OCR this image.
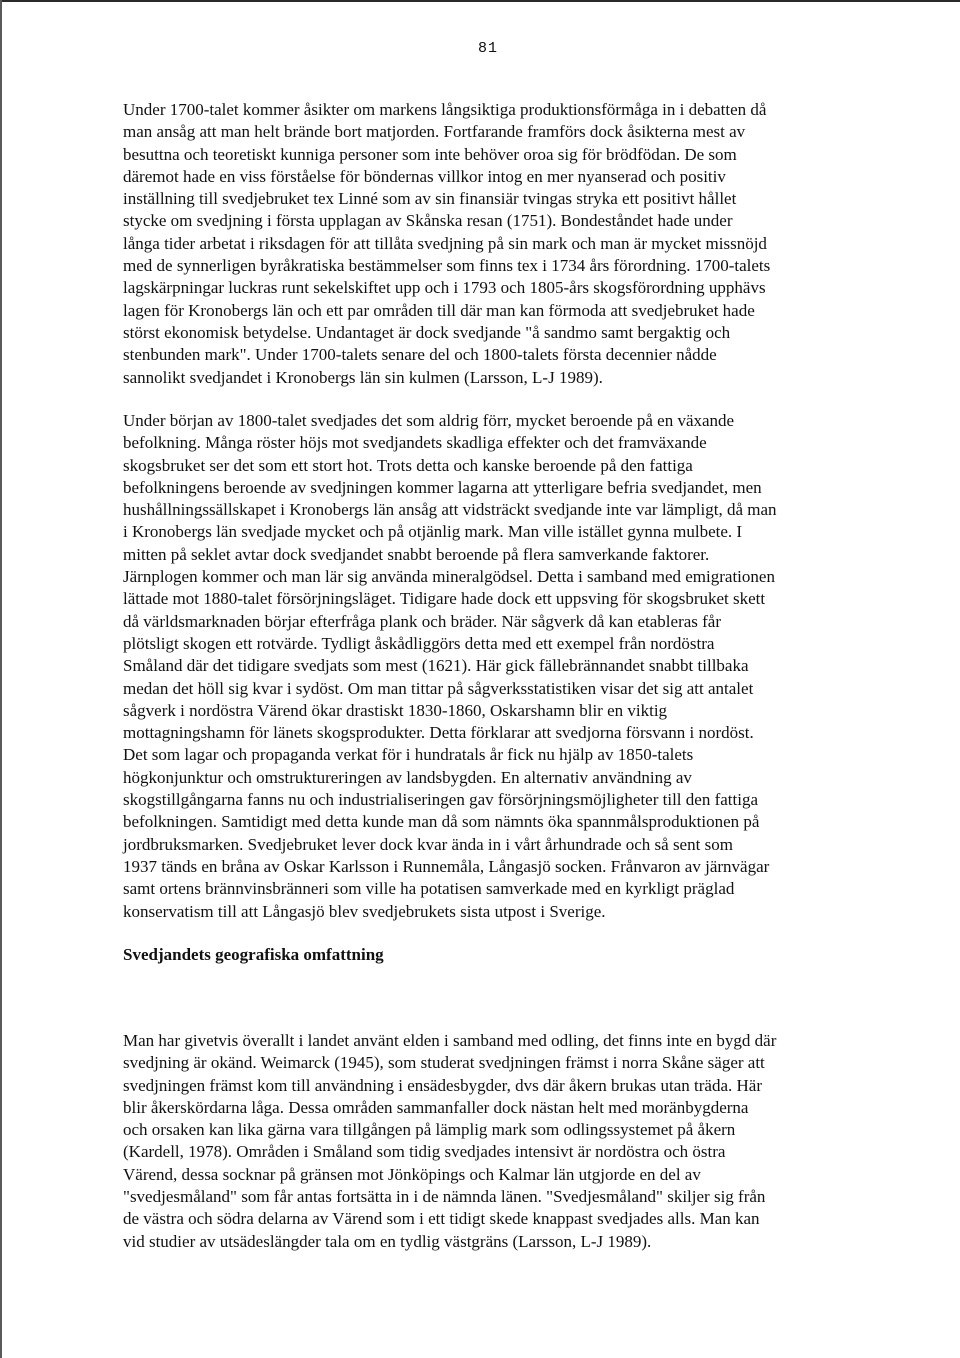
81
Under 1700-talet kommer åsikter om markens långsiktiga produktionsförmåga in i debatten då
man ansåg att man helt brände bort matjorden. Fortfarande framförs dock åsikterna mest av
besuttna och teoretiskt kunniga personer som inte behöver oroa sig för brödfödan. De som
däremot hade en viss förståelse för böndernas villkor intog en mer nyanserad och positiv
inställning till svedjebruket tex Linné som av sin finansiär tvingas stryka ett positivt hållet
stycke om svedjning i första upplagan av Skånska resan (1751). Bondeståndet hade under
långa tider arbetat i riksdagen för att tillåta svedjning på sin mark och man är mycket missnöjd
med de synnerligen byråkratiska bestämmelser som finns tex i 1734 års förordning. 1700-talets
lagskärpningar luckras runt sekelskiftet upp och i 1793 och 1805-års skogsförordning upphävs
lagen för Kronobergs län och ett par områden till där man kan förmoda att svedjebruket hade
störst ekonomisk betydelse. Undantaget är dock svedjande "å sandmo samt bergaktig och
stenbunden mark". Under 1700-talets senare del och 1800-talets första decennier nådde
sannolikt svedjandet i Kronobergs län sin kulmen (Larsson, L-J 1989).
Under början av 1800-talet svedjades det som aldrig förr, mycket beroende på en växande
befolkning. Många röster höjs mot svedjandets skadliga effekter och det framväxande
skogsbruket ser det som ett stort hot. Trots detta och kanske beroende på den fattiga
befolkningens beroende av svedjningen kommer lagarna att ytterligare befria svedjandet, men
hushållningssällskapet i Kronobergs län ansåg att vidsträckt svedjande inte var lämpligt, då man
i Kronobergs län svedjade mycket och på otjänlig mark. Man ville istället gynna mulbete. I
mitten på seklet avtar dock svedjandet snabbt beroende på flera samverkande faktorer.
Järnplogen kommer och man lär sig använda mineralgödsel. Detta i samband med emigrationen
lättade mot 1880-talet försörjningsläget. Tidigare hade dock ett uppsving för skogsbruket skett
då världsmarknaden börjar efterfråga plank och bräder. När sågverk då kan etableras får
plötsligt skogen ett rotvärde. Tydligt åskådliggörs detta med ett exempel från nordöstra
Småland där det tidigare svedjats som mest (1621). Här gick fällebrännandet snabbt tillbaka
medan det höll sig kvar i sydöst. Om man tittar på sågverksstatistiken visar det sig att antalet
sågverk i nordöstra Värend ökar drastiskt 1830-1860, Oskarshamn blir en viktig
mottagningshamn för länets skogsprodukter. Detta förklarar att svedjorna försvann i nordöst.
Det som lagar och propaganda verkat för i hundratals år fick nu hjälp av 1850-talets
högkonjunktur och omstruktureringen av landsbygden. En alternativ användning av
skogstillgångarna fanns nu och industrialiseringen gav försörjningsmöjligheter till den fattiga
befolkningen. Samtidigt med detta kunde man då som nämnts öka spannmålsproduktionen på
jordbruksmarken. Svedjebruket lever dock kvar ända in i vårt århundrade och så sent som
1937 tänds en bråna av Oskar Karlsson i Runnemåla, Långasjö socken. Frånvaron av järnvägar
samt ortens brännvinsbränneri som ville ha potatisen samverkade med en kyrkligt präglad
konservatism till att Långasjö blev svedjebrukets sista utpost i Sverige.
Svedjandets geografiska omfattning
Man har givetvis överallt i landet använt elden i samband med odling, det finns inte en bygd där
svedjning är okänd. Weimarck (1945), som studerat svedjningen främst i norra Skåne säger att
svedjningen främst kom till användning i ensädesbygder, dvs där åkern brukas utan träda. Här
blir åkerskördarna låga. Dessa områden sammanfaller dock nästan helt med moränbygderna
och orsaken kan lika gärna vara tillgången på lämplig mark som odlingssystemet på åkern
(Kardell, 1978). Områden i Småland som tidig svedjades intensivt är nordöstra och östra
Värend, dessa socknar på gränsen mot Jönköpings och Kalmar län utgjorde en del av
"svedjesmåland" som får antas fortsätta in i de nämnda länen. "Svedjesmåland" skiljer sig från
de västra och södra delarna av Värend som i ett tidigt skede knappast svedjades alls. Man kan
vid studier av utsädeslängder tala om en tydlig västgräns (Larsson, L-J 1989).
